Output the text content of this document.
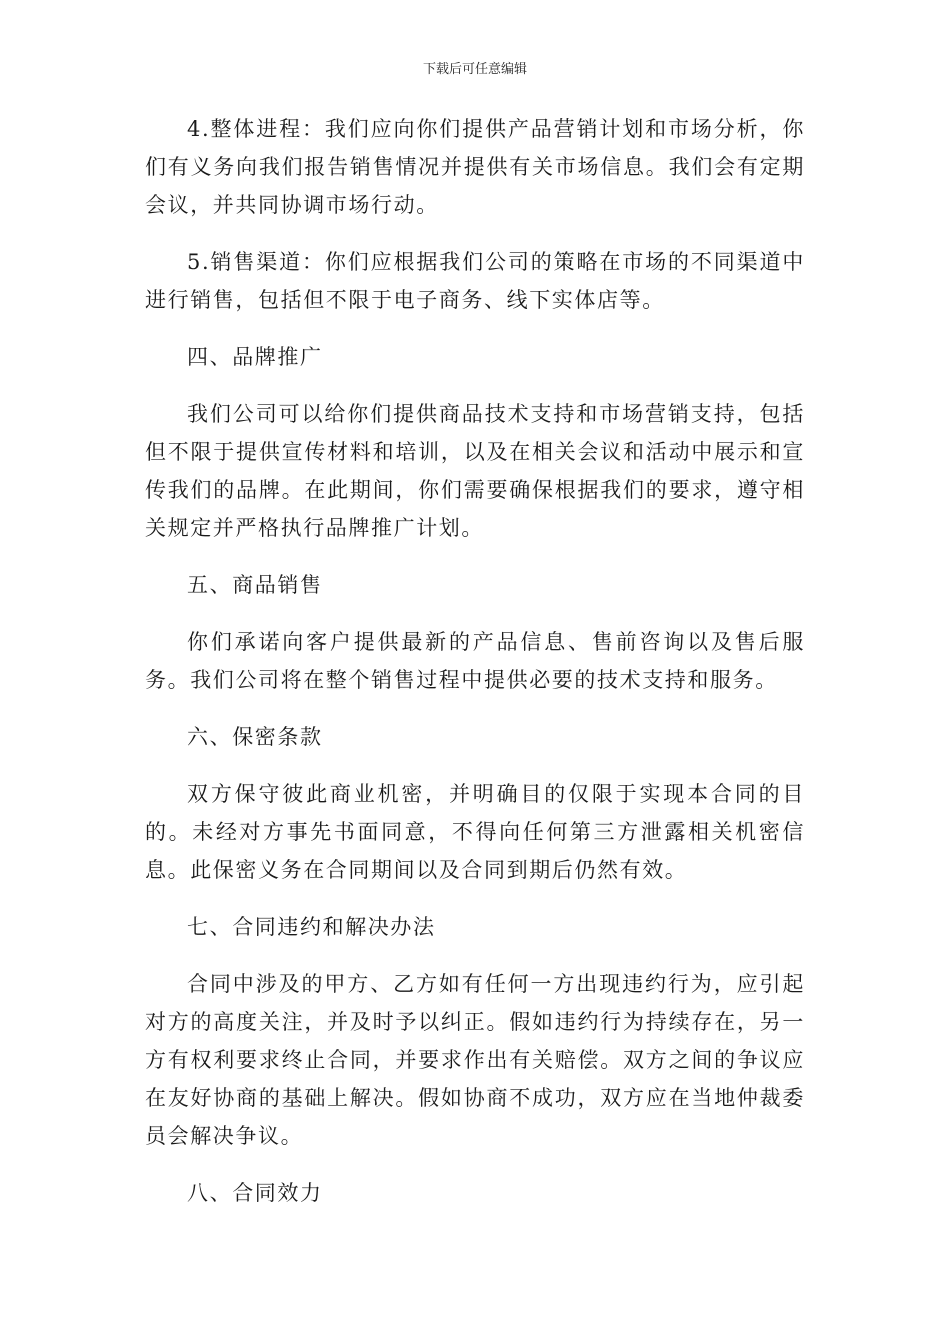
下载后可任意编辑

4.整体进程：我们应向你们提供产品营销计划和市场分析，你们有义务向我们报告销售情况并提供有关市场信息。我们会有定期会议，并共同协调市场行动。

5.销售渠道：你们应根据我们公司的策略在市场的不同渠道中进行销售，包括但不限于电子商务、线下实体店等。

四、品牌推广

我们公司可以给你们提供商品技术支持和市场营销支持，包括但不限于提供宣传材料和培训，以及在相关会议和活动中展示和宣传我们的品牌。在此期间，你们需要确保根据我们的要求，遵守相关规定并严格执行品牌推广计划。

五、商品销售

你们承诺向客户提供最新的产品信息、售前咨询以及售后服务。我们公司将在整个销售过程中提供必要的技术支持和服务。

六、保密条款

双方保守彼此商业机密，并明确目的仅限于实现本合同的目的。未经对方事先书面同意，不得向任何第三方泄露相关机密信息。此保密义务在合同期间以及合同到期后仍然有效。

七、合同违约和解决办法

合同中涉及的甲方、乙方如有任何一方出现违约行为，应引起对方的高度关注，并及时予以纠正。假如违约行为持续存在，另一方有权利要求终止合同，并要求作出有关赔偿。双方之间的争议应在友好协商的基础上解决。假如协商不成功，双方应在当地仲裁委员会解决争议。

八、合同效力
